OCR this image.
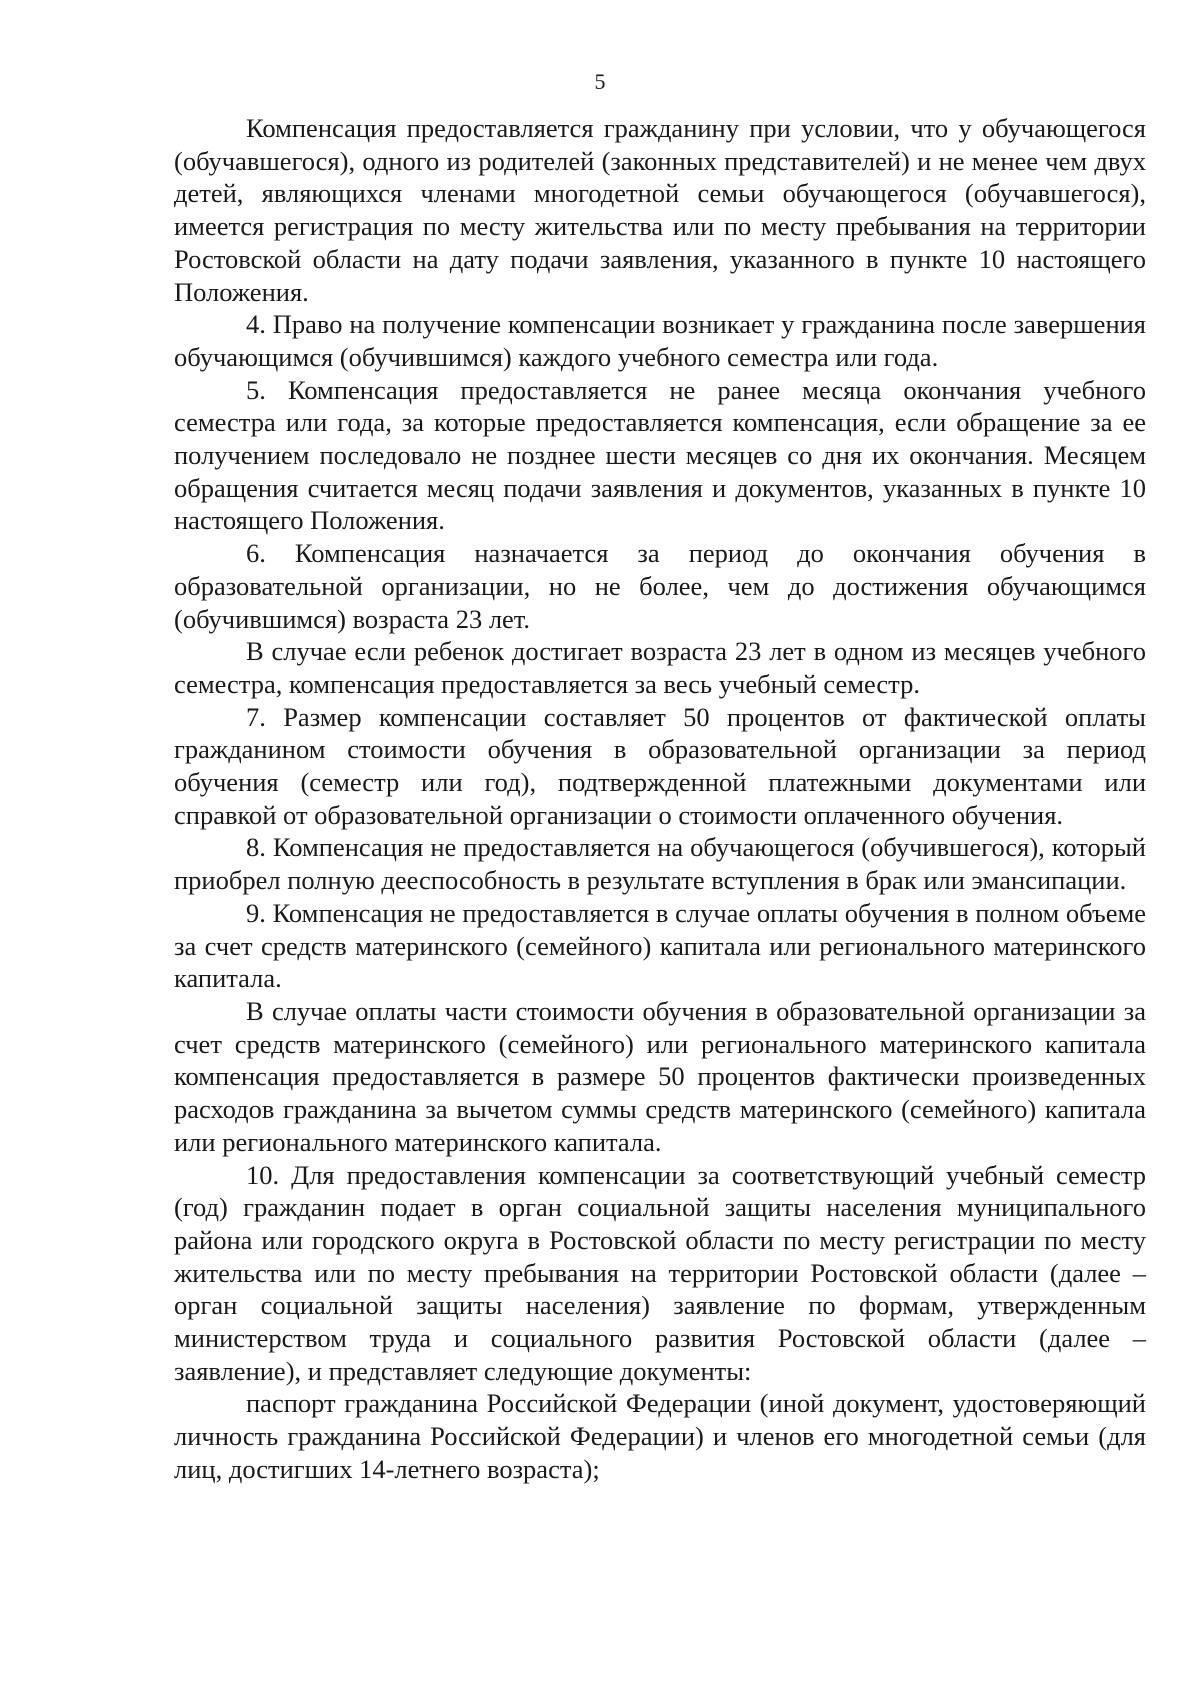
5

Компенсация предоставляется гражданину при условии, что у обучающегося (обучавшегося), одного из родителей (законных представителей) и не менее чем двух детей, являющихся членами многодетной семьи обучающегося (обучавшегося), имеется регистрация по месту жительства или по месту пребывания на территории Ростовской области на дату подачи заявления, указанного в пункте 10 настоящего Положения.

4. Право на получение компенсации возникает у гражданина после завершения обучающимся (обучившимся) каждого учебного семестра или года.

5. Компенсация предоставляется не ранее месяца окончания учебного семестра или года, за которые предоставляется компенсация, если обращение за ее получением последовало не позднее шести месяцев со дня их окончания. Месяцем обращения считается месяц подачи заявления и документов, указанных в пункте 10 настоящего Положения.

6. Компенсация назначается за период до окончания обучения в образовательной организации, но не более, чем до достижения обучающимся (обучившимся) возраста 23 лет.

В случае если ребенок достигает возраста 23 лет в одном из месяцев учебного семестра, компенсация предоставляется за весь учебный семестр.

7. Размер компенсации составляет 50 процентов от фактической оплаты гражданином стоимости обучения в образовательной организации за период обучения (семестр или год), подтвержденной платежными документами или справкой от образовательной организации о стоимости оплаченного обучения.

8. Компенсация не предоставляется на обучающегося (обучившегося), который приобрел полную дееспособность в результате вступления в брак или эмансипации.

9. Компенсация не предоставляется в случае оплаты обучения в полном объеме за счет средств материнского (семейного) капитала или регионального материнского капитала.

В случае оплаты части стоимости обучения в образовательной организации за счет средств материнского (семейного) или регионального материнского капитала компенсация предоставляется в размере 50 процентов фактически произведенных расходов гражданина за вычетом суммы средств материнского (семейного) капитала или регионального материнского капитала.

10. Для предоставления компенсации за соответствующий учебный семестр (год) гражданин подает в орган социальной защиты населения муниципального района или городского округа в Ростовской области по месту регистрации по месту жительства или по месту пребывания на территории Ростовской области (далее – орган социальной защиты населения) заявление по формам, утвержденным министерством труда и социального развития Ростовской области (далее – заявление), и представляет следующие документы:

паспорт гражданина Российской Федерации (иной документ, удостоверяющий личность гражданина Российской Федерации) и членов его многодетной семьи (для лиц, достигших 14-летнего возраста);
